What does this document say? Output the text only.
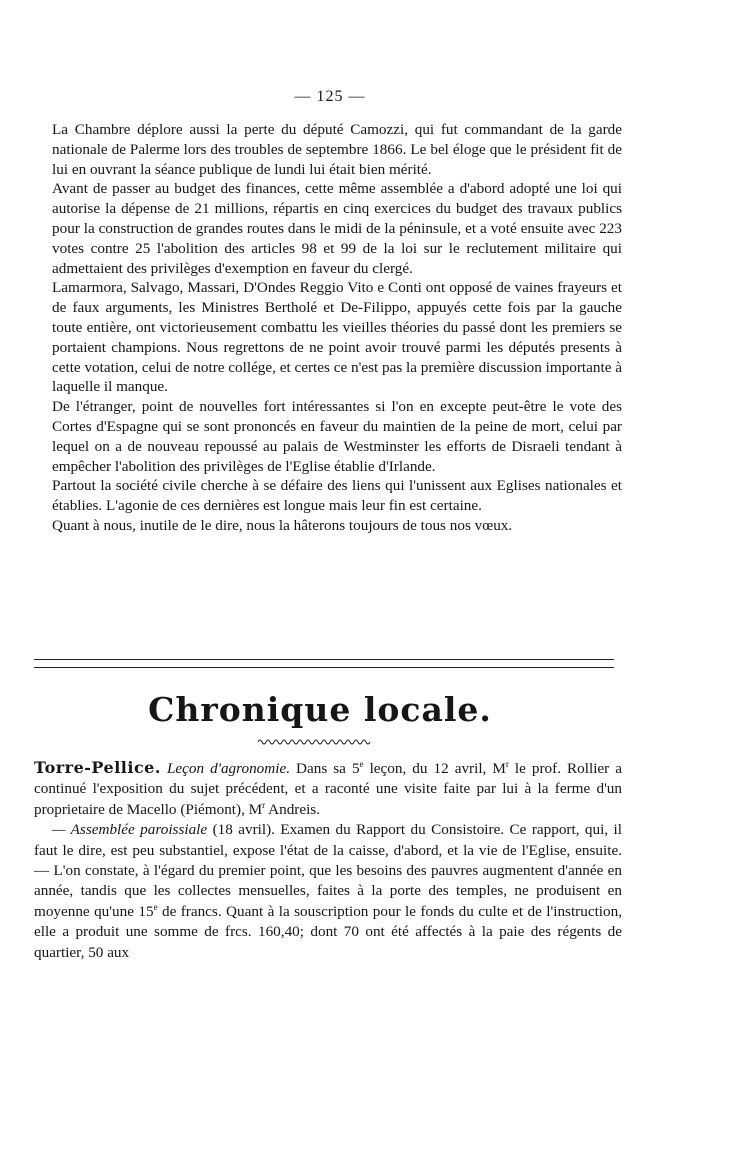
— 125 —

La Chambre déplore aussi la perte du député Camozzi, qui fut commandant de la garde nationale de Palerme lors des troubles de septembre 1866. Le bel éloge que le président fit de lui en ouvrant la séance publique de lundi lui était bien mérité.

Avant de passer au budget des finances, cette même assemblée a d'abord adopté une loi qui autorise la dépense de 21 millions, répartis en cinq exercices du budget des travaux publics pour la construction de grandes routes dans le midi de la péninsule, et a voté ensuite avec 223 votes contre 25 l'abolition des articles 98 et 99 de la loi sur le reclutement militaire qui admettaient des privilèges d'exemption en faveur du clergé.

Lamarmora, Salvago, Massari, D'Ondes Reggio Vito e Conti ont opposé de vaines frayeurs et de faux arguments, les Ministres Bertholé et De-Filippo, appuyés cette fois par la gauche toute entière, ont victorieusement combattu les vieilles théories du passé dont les premiers se portaient champions. Nous regrettons de ne point avoir trouvé parmi les députés presents à cette votation, celui de notre collége, et certes ce n'est pas la première discussion importante à laquelle il manque.

De l'étranger, point de nouvelles fort intéressantes si l'on en excepte peut-être le vote des Cortes d'Espagne qui se sont prononcés en faveur du maintien de la peine de mort, celui par lequel on a de nouveau repoussé au palais de Westminster les efforts de Disraeli tendant à empêcher l'abolition des privilèges de l'Eglise établie d'Irlande.

Partout la société civile cherche à se défaire des liens qui l'unissent aux Eglises nationales et établies. L'agonie de ces dernières est longue mais leur fin est certaine.

Quant à nous, inutile de le dire, nous la hâterons toujours de tous nos vœux.

Chronique locale.

Torre-Pellice. Leçon d'agronomie. Dans sa 5e leçon, du 12 avril, $M^r$ le prof. Rollier a continué l'exposition du sujet précédent, et a raconté une visite faite par lui à la ferme d'un proprietaire de Macello (Piémont), $M^r$ Andreis.

— Assemblée paroissiale (18 avril). Examen du Rapport du Consistoire. Ce rapport, qui, il faut le dire, est peu substantiel, expose l'état de la caisse, d'abord, et la vie de l'Eglise, ensuite. — L'on constate, à l'égard du premier point, que les besoins des pauvres augmentent d'année en année, tandis que les collectes mensuelles, faites à la porte des temples, ne produisent en moyenne qu'une 15e de francs. Quant à la souscription pour le fonds du culte et de l'instruction, elle a produit une somme de frcs. 160,40; dont 70 ont été affectés à la paie des régents de quartier, 50 aux
